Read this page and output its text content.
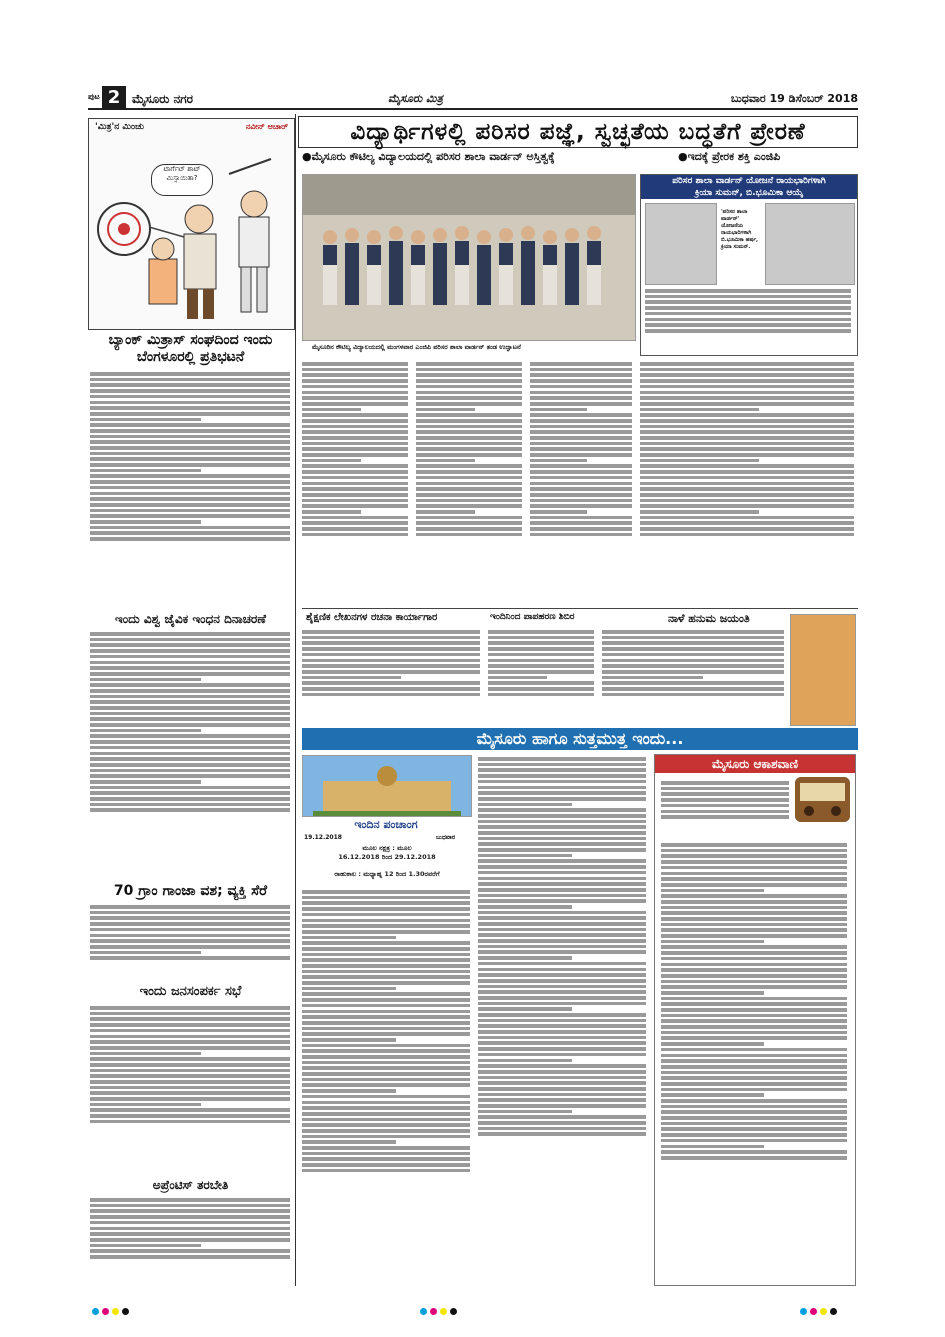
ಪುಟ 2 ಮೈಸೂರು ನಗರ	ಮೈಸೂರು ಮಿತ್ರ	ಬುಧವಾರ 19 ಡಿಸೆಂಬರ್ 2018
'ಮಿತ್ರ'ನ ಮಿಂಚು	ನವೀನ್ ಆಚಾರ್
ಟಾರ್ಗೆಟ್ ಶಾಟ್ ಮಿಸ್ಸಾಯಿತಾ?
ಬ್ಯಾಂಕ್ ಮಿತ್ರಾಸ್ ಸಂಘದಿಂದ ಇಂದು ಬೆಂಗಳೂರಲ್ಲಿ ಪ್ರತಿಭಟನೆ
ಇಂದು ವಿಶ್ವ ಜೈವಿಕ ಇಂಧನ ದಿನಾಚರಣೆ
70 ಗ್ರಾಂ ಗಾಂಜಾ ವಶ; ವ್ಯಕ್ತಿ ಸೆರೆ
ಇಂದು ಜನಸಂಪರ್ಕ ಸಭೆ
ಅಪ್ರೆಂಟಿಸ್ ತರಬೇತಿ
ವಿದ್ಯಾರ್ಥಿಗಳಲ್ಲಿ ಪರಿಸರ ಪಜ್ಞೆ, ಸ್ವಚ್ಛತೆಯ ಬದ್ಧತೆಗೆ ಪ್ರೇರಣೆ
●ಮೈಸೂರು ಕೌಟಿಲ್ಯ ವಿದ್ಯಾಲಯದಲ್ಲಿ ಪರಿಸರ ಶಾಲಾ ವಾರ್ಡನ್ ಅಸ್ತಿತ್ವಕ್ಕೆ	●ಇದಕ್ಕೆ ಪ್ರೇರಕ ಶಕ್ತಿ ಎಂಜಿಪಿ
ಮೈಸೂರಿನ ಕೌಟಿಲ್ಯ ವಿದ್ಯಾಲಯದಲ್ಲಿ ಮಂಗಳವಾರ ಎಂಜಿಪಿ ಪರಿಸರ ಶಾಲಾ ವಾರ್ಡನ್ ತಂಡ ಉದ್ಘಾಟನೆ
ಪರಿಸರ ಶಾಲಾ ವಾರ್ಡನ್ ಯೋಜನೆ ರಾಯಭಾರಿಗಳಾಗಿ
ಕ್ರಿಯಾ ಸುಮನ್, ಬಿ.ಭೂಮಿಕಾ ಆಯ್ಕೆ
'ಪರಿಸರ ಶಾಲಾ ವಾರ್ಡನ್' ಯೋಜನೆಯ ರಾಯಭಾರಿಗಳಾಗಿ ಬಿ.ಭೂಮಿಕಾ ಹರ್ಷ, ಕ್ರಿಯಾ ಸುಮನ್.
ಶೈಕ್ಷಣಿಕ ಲೇಖನಗಳ ರಚನಾ ಕಾರ್ಯಾಗಾರ	ಇಂದಿನಿಂದ ಪಾಪಹರಣ ಶಿಬಿರ	ನಾಳೆ ಹನುಮ ಜಯಂತಿ
ಮೈಸೂರು ಹಾಗೂ ಸುತ್ತಮುತ್ತ ಇಂದು...
ಇಂದಿನ ಪಂಚಾಂಗ
19.12.2018	ಬುಧವಾರ
ಮೂಲ ನಕ್ಷತ್ರ : ಮೂಲ
16.12.2018 ರಿಂದ 29.12.2018
ರಾಹುಕಾಲ : ಮಧ್ಯಾಹ್ನ 12 ರಿಂದ 1.30ರವರೆಗೆ
ಮೈಸೂರು ಆಕಾಶವಾಣಿ
